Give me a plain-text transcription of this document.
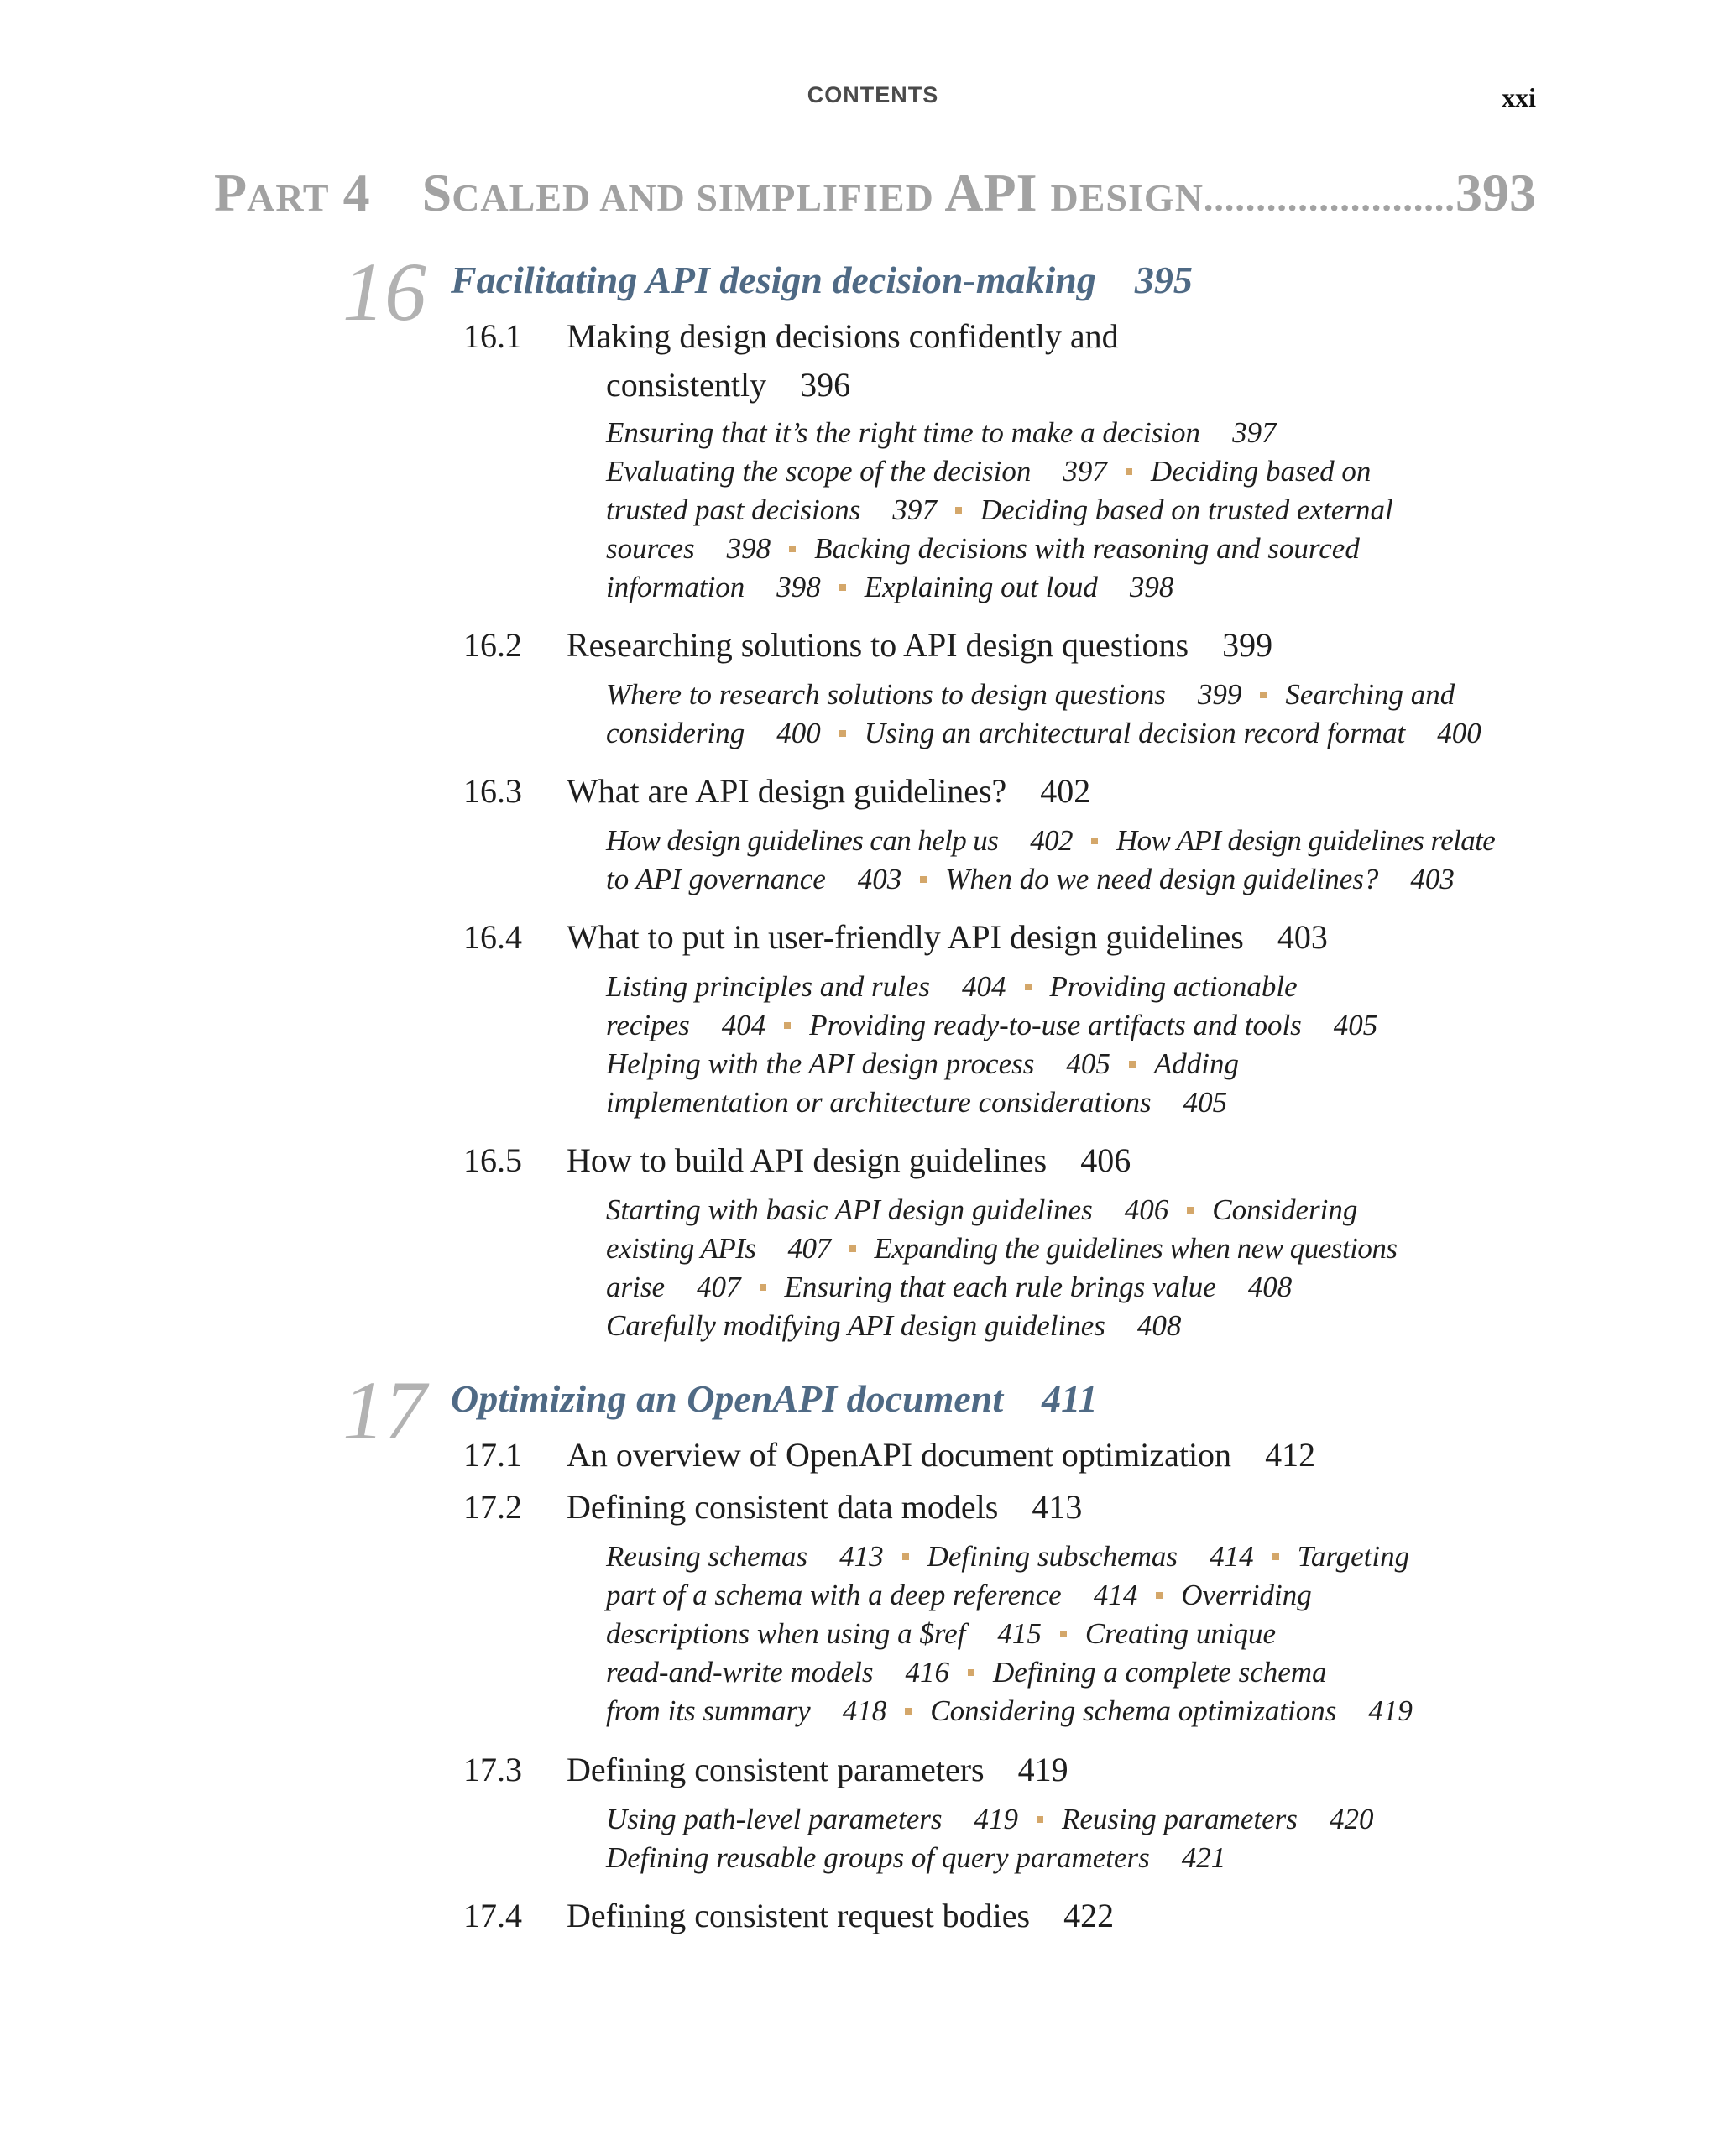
CONTENTS	xxi
PART 4 SCALED AND SIMPLIFIED API DESIGN
.....	393
16 Facilitating API design decision-making 395
16.1 Making design decisions confidently and
consistently 396
Ensuring that it’s the right time to make a decision 397
Evaluating the scope of the decision 397 Deciding based on
trusted past decisions 397 Deciding based on trusted external
sources 398 Backing decisions with reasoning and sourced
information 398 Explaining out loud 398
16.2 Researching solutions to API design questions 399
Where to research solutions to design questions 399 Searching and
considering 400 Using an architectural decision record format 400
16.3 What are API design guidelines? 402
How design guidelines can help us 402 How API design guidelines relate
to API governance 403 When do we need design guidelines? 403
16.4 What to put in user-friendly API design guidelines 403
Listing principles and rules 404 Providing actionable
recipes 404 Providing ready-to-use artifacts and tools 405
Helping with the API design process 405 Adding
implementation or architecture considerations 405
16.5 How to build API design guidelines 406
Starting with basic API design guidelines 406 Considering
existing APIs 407 Expanding the guidelines when new questions
arise 407 Ensuring that each rule brings value 408
Carefully modifying API design guidelines 408
17 Optimizing an OpenAPI document 411
17.1 An overview of OpenAPI document optimization 412
17.2 Defining consistent data models 413
Reusing schemas 413 Defining subschemas 414 Targeting
part of a schema with a deep reference 414 Overriding
descriptions when using a $ref 415 Creating unique
read-and-write models 416 Defining a complete schema
from its summary 418 Considering schema optimizations 419
17.3 Defining consistent parameters 419
Using path-level parameters 419 Reusing parameters 420
Defining reusable groups of query parameters 421
17.4 Defining consistent request bodies 422
